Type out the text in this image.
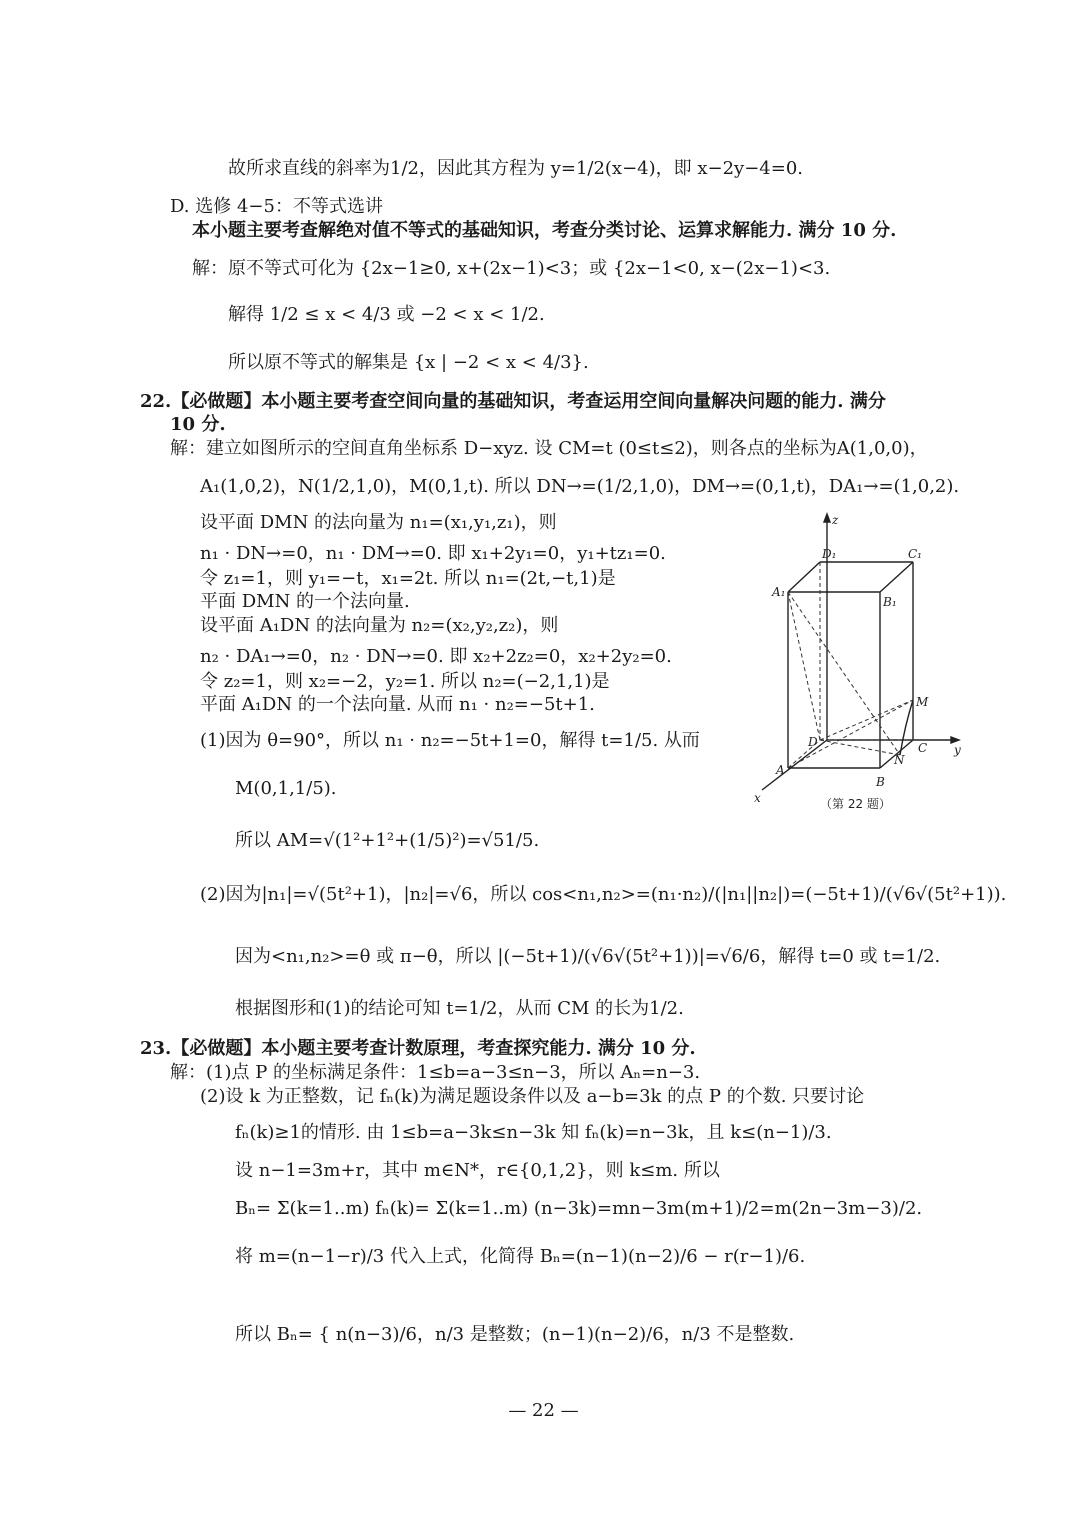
故所求直线的斜率为1/2，因此其方程为 y=1/2(x−4)，即 x−2y−4=0.
D. 选修 4−5：不等式选讲
本小题主要考查解绝对值不等式的基础知识，考查分类讨论、运算求解能力. 满分 10 分.
解：原不等式可化为 {2x−1≥0, x+(2x−1)<3；或 {2x−1<0, x−(2x−1)<3.
解得 1/2 ≤ x < 4/3 或 −2 < x < 1/2.
所以原不等式的解集是 {x | −2 < x < 4/3}.
22.【必做题】本小题主要考查空间向量的基础知识，考查运用空间向量解决问题的能力. 满分
10 分.
解：建立如图所示的空间直角坐标系 D−xyz. 设 CM=t (0≤t≤2)，则各点的坐标为A(1,0,0)，
A₁(1,0,2)，N(1/2,1,0)，M(0,1,t). 所以 DN→=(1/2,1,0)，DM→=(0,1,t)，DA₁→=(1,0,2).
设平面 DMN 的法向量为 n₁=(x₁,y₁,z₁)，则
n₁ · DN→=0，n₁ · DM→=0. 即 x₁+2y₁=0，y₁+tz₁=0.
令 z₁=1，则 y₁=−t，x₁=2t. 所以 n₁=(2t,−t,1)是
平面 DMN 的一个法向量.
设平面 A₁DN 的法向量为 n₂=(x₂,y₂,z₂)，则
n₂ · DA₁→=0，n₂ · DN→=0. 即 x₂+2z₂=0，x₂+2y₂=0.
令 z₂=1，则 x₂=−2，y₂=1. 所以 n₂=(−2,1,1)是
平面 A₁DN 的一个法向量. 从而 n₁ · n₂=−5t+1.
(1)因为 θ=90°，所以 n₁ · n₂=−5t+1=0，解得 t=1/5. 从而
M(0,1,1/5).
所以 AM=√(1²+1²+(1/5)²)=√51/5.
(2)因为|n₁|=√(5t²+1)，|n₂|=√6，所以 cos<n₁,n₂>=(n₁·n₂)/(|n₁||n₂|)=(−5t+1)/(√6√(5t²+1)).
因为<n₁,n₂>=θ 或 π−θ，所以 |(−5t+1)/(√6√(5t²+1))|=√6/6，解得 t=0 或 t=1/2.
根据图形和(1)的结论可知 t=1/2，从而 CM 的长为1/2.
23.【必做题】本小题主要考查计数原理，考查探究能力. 满分 10 分.
解：(1)点 P 的坐标满足条件：1≤b=a−3≤n−3，所以 Aₙ=n−3.
(2)设 k 为正整数，记 fₙ(k)为满足题设条件以及 a−b=3k 的点 P 的个数. 只要讨论
fₙ(k)≥1的情形. 由 1≤b=a−3k≤n−3k 知 fₙ(k)=n−3k，且 k≤(n−1)/3.
设 n−1=3m+r，其中 m∈N*，r∈{0,1,2}，则 k≤m. 所以
Bₙ= Σ(k=1..m) fₙ(k)= Σ(k=1..m) (n−3k)=mn−3m(m+1)/2=m(2n−3m−3)/2.
将 m=(n−1−r)/3 代入上式，化简得 Bₙ=(n−1)(n−2)/6 − r(r−1)/6.
所以 Bₙ= { n(n−3)/6，n/3 是整数；(n−1)(n−2)/6，n/3 不是整数.
z
y
x
D₁	C₁
A₁
B₁
M
D	C
N
A
B
（第 22 题）
— 22 —
